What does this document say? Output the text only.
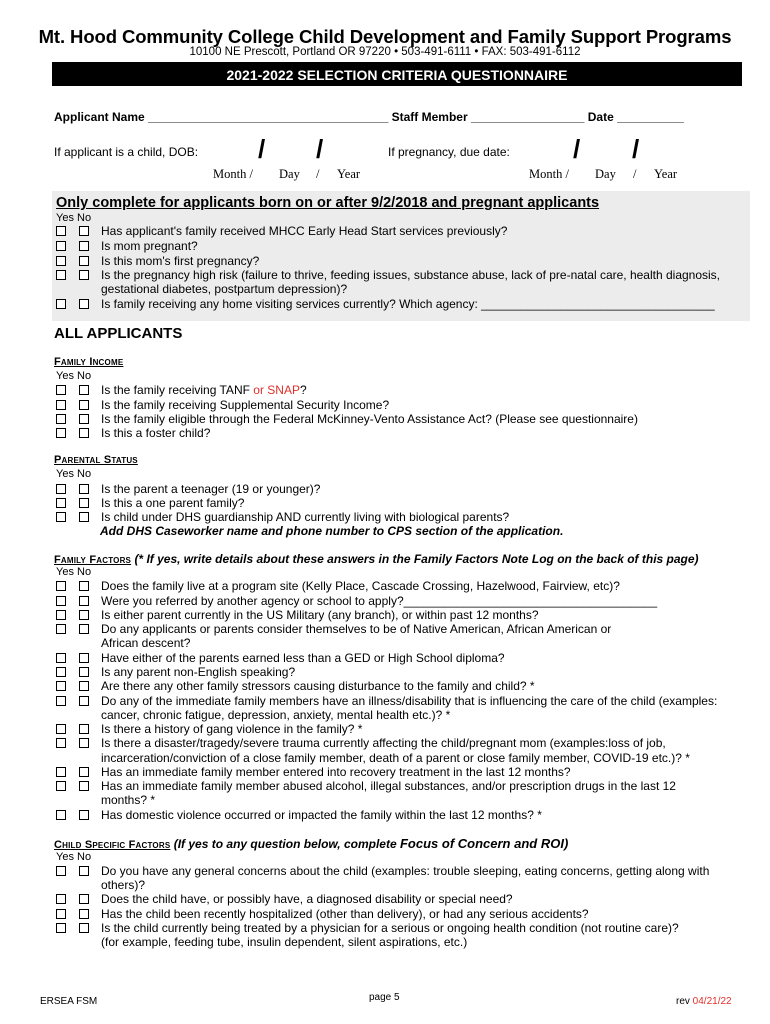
Mt. Hood Community College Child Development and Family Support Programs
10100 NE Prescott, Portland OR 97220 • 503-491-6111 • FAX: 503-491-6112
2021-2022 SELECTION CRITERIA QUESTIONNAIRE
Applicant Name ____________________________________ Staff Member _________________ Date __________
If applicant is a child, DOB: / /
Month / Day / Year
If pregnancy, due date: / /
Month / Day / Year
Only complete for applicants born on or after 9/2/2018 and pregnant applicants
Yes No
Has applicant's family received MHCC Early Head Start services previously?
Is mom pregnant?
Is this mom's first pregnancy?
Is the pregnancy high risk (failure to thrive, feeding issues, substance abuse, lack of pre-natal care, health diagnosis,
gestational diabetes, postpartum depression)?
Is family receiving any home visiting services currently? Which agency: ___________________________________
ALL APPLICANTS
Family Income
Yes No
Is the family receiving TANF or SNAP?
Is the family receiving Supplemental Security Income?
Is the family eligible through the Federal McKinney-Vento Assistance Act? (Please see questionnaire)
Is this a foster child?
Parental Status
Yes No
Is the parent a teenager (19 or younger)?
Is this a one parent family?
Is child under DHS guardianship AND currently living with biological parents?
Add DHS Caseworker name and phone number to CPS section of the application.
Family Factors (* If yes, write details about these answers in the Family Factors Note Log on the back of this page)
Yes No
Does the family live at a program site (Kelly Place, Cascade Crossing, Hazelwood, Fairview, etc)?
Were you referred by another agency or school to apply?______________________________________
Is either parent currently in the US Military (any branch), or within past 12 months?
Do any applicants or parents consider themselves to be of Native American, African American or
African descent?
Have either of the parents earned less than a GED or High School diploma?
Is any parent non-English speaking?
Are there any other family stressors causing disturbance to the family and child? *
Do any of the immediate family members have an illness/disability that is influencing the care of the child (examples:
cancer, chronic fatigue, depression, anxiety, mental health etc.)? *
Is there a history of gang violence in the family? *
Is there a disaster/tragedy/severe trauma currently affecting the child/pregnant mom (examples:loss of job,
incarceration/conviction of a close family member, death of a parent or close family member, COVID-19 etc.)? *
Has an immediate family member entered into recovery treatment in the last 12 months?
Has an immediate family member abused alcohol, illegal substances, and/or prescription drugs in the last 12
months? *
Has domestic violence occurred or impacted the family within the last 12 months? *
Child Specific Factors (If yes to any question below, complete Focus of Concern and ROI)
Yes No
Do you have any general concerns about the child (examples: trouble sleeping, eating concerns, getting along with
others)?
Does the child have, or possibly have, a diagnosed disability or special need?
Has the child been recently hospitalized (other than delivery), or had any serious accidents?
Is the child currently being treated by a physician for a serious or ongoing health condition (not routine care)?
(for example, feeding tube, insulin dependent, silent aspirations, etc.)
ERSEA FSM	page 5	rev 04/21/22
